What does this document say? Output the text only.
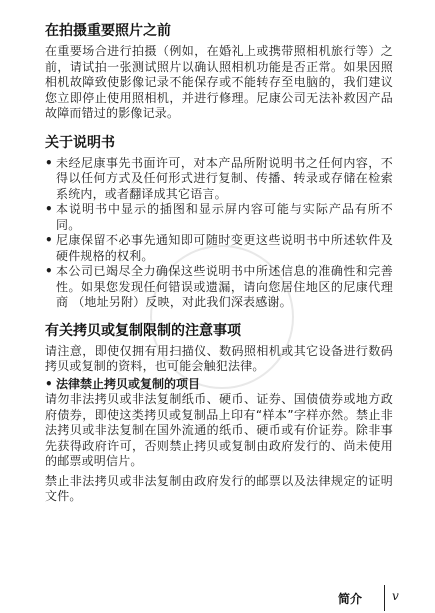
在拍摄重要照片之前

在重要场合进行拍摄（例如，在婚礼上或携带照相机旅行等）之前，请试拍一张测试照片以确认照相机功能是否正常。如果因照相机故障致使影像记录不能保存或不能转存至电脑的，我们建议您立即停止使用照相机，并进行修理。尼康公司无法补救因产品故障而错过的影像记录。

关于说明书
• 未经尼康事先书面许可，对本产品所附说明书之任何内容，不得以任何方式及任何形式进行复制、传播、转录或存储在检索系统内，或者翻译成其它语言。
• 本说明书中显示的插图和显示屏内容可能与实际产品有所不同。
• 尼康保留不必事先通知即可随时变更这些说明书中所述软件及硬件规格的权利。
• 本公司已竭尽全力确保这些说明书中所述信息的准确性和完善性。如果您发现任何错误或遗漏，请向您居住地区的尼康代理商 （地址另附）反映，对此我们深表感谢。
有关拷贝或复制限制的注意事项

请注意，即使仅拥有用扫描仪、数码照相机或其它设备进行数码拷贝或复制的资料，也可能会触犯法律。

• 法律禁止拷贝或复制的项目

请勿非法拷贝或非法复制纸币、硬币、证券、国债债券或地方政府债券，即使这类拷贝或复制品上印有“样本”字样亦然。禁止非法拷贝或非法复制在国外流通的纸币、硬币或有价证券。除非事先获得政府许可，否则禁止拷贝或复制由政府发行的、尚未使用的邮票或明信片。

禁止非法拷贝或非法复制由政府发行的邮票以及法律规定的证明文件。

简介 v
